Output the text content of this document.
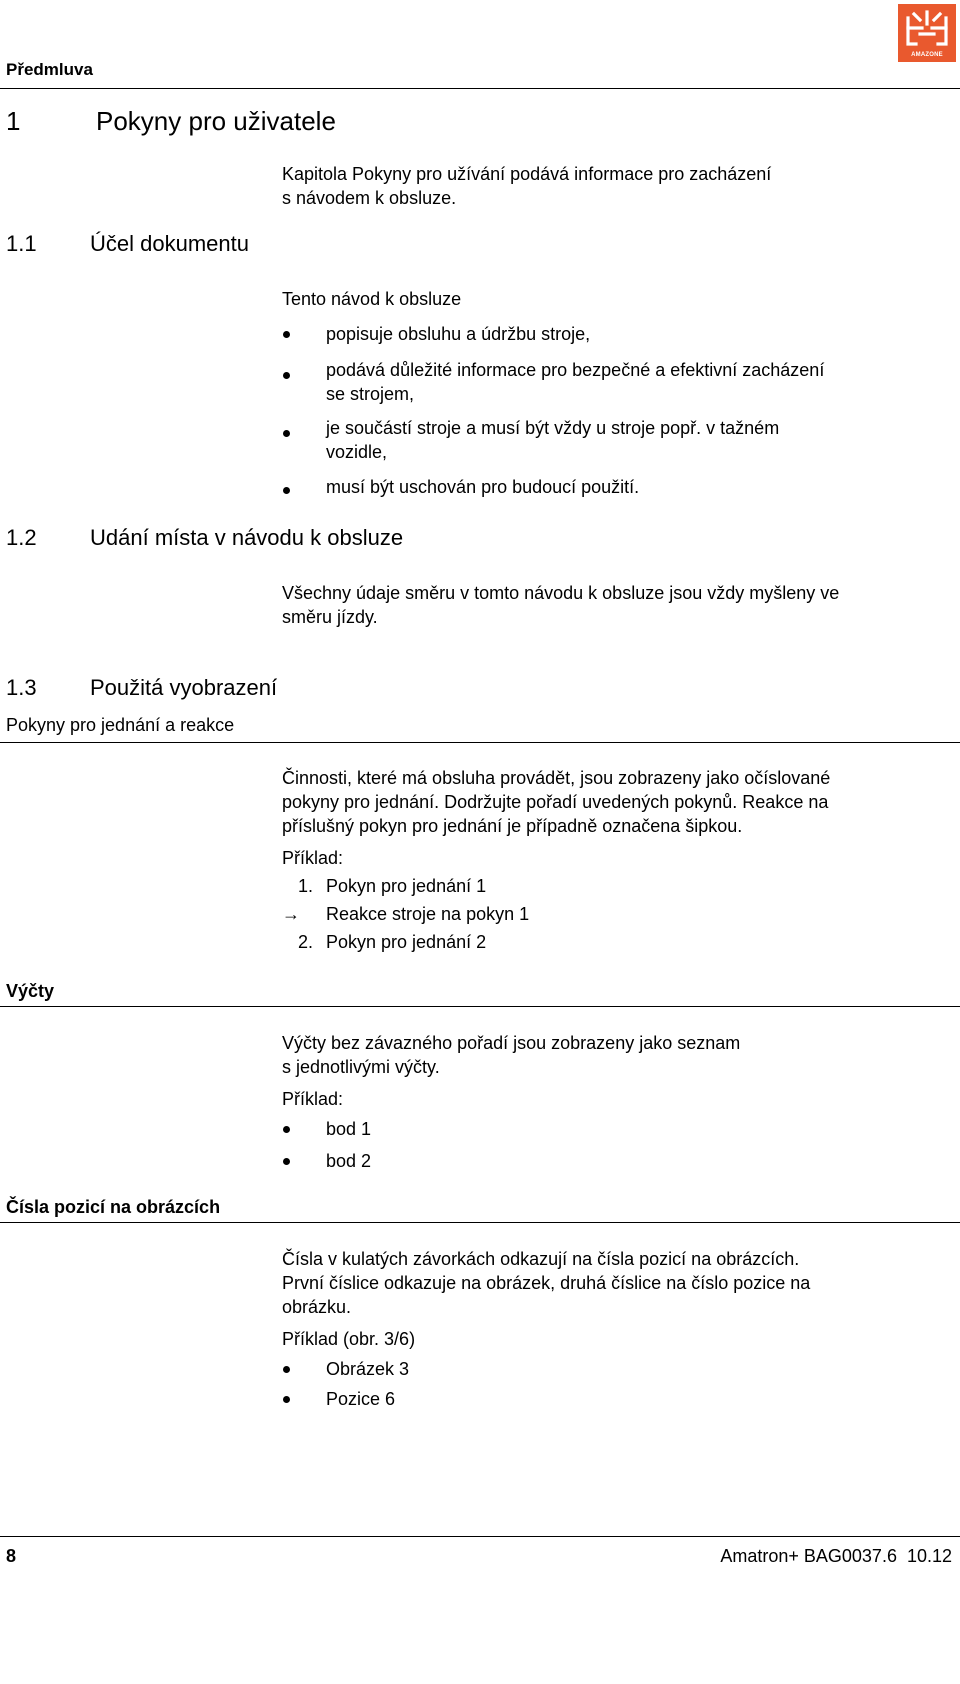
AMAZONE
Předmluva
1	Pokyny pro uživatele
Kapitola Pokyny pro užívání podává informace pro zacházení
s návodem k obsluze.
1.1 Účel dokumentu
Tento návod k obsluze
popisuje obsluhu a údržbu stroje,
podává důležité informace pro bezpečné a efektivní zacházení
se strojem,
je součástí stroje a musí být vždy u stroje popř. v tažném
vozidle,
musí být uschován pro budoucí použití.
1.2 Udání místa v návodu k obsluze
Všechny údaje směru v tomto návodu k obsluze jsou vždy myšleny ve
směru jízdy.
1.3 Použitá vyobrazení
Pokyny pro jednání a reakce
Činnosti, které má obsluha provádět, jsou zobrazeny jako očíslované
pokyny pro jednání. Dodržujte pořadí uvedených pokynů. Reakce na
příslušný pokyn pro jednání je případně označena šipkou.
Příklad:
1. Pokyn pro jednání 1
→ Reakce stroje na pokyn 1
2. Pokyn pro jednání 2
Výčty
Výčty bez závazného pořadí jsou zobrazeny jako seznam
s jednotlivými výčty.
Příklad:
bod 1
bod 2
Čísla pozicí na obrázcích
Čísla v kulatých závorkách odkazují na čísla pozicí na obrázcích.
První číslice odkazuje na obrázek, druhá číslice na číslo pozice na
obrázku.
Příklad (obr. 3/6)
Obrázek 3
Pozice 6
8	Amatron+ BAG0037.6  10.12
